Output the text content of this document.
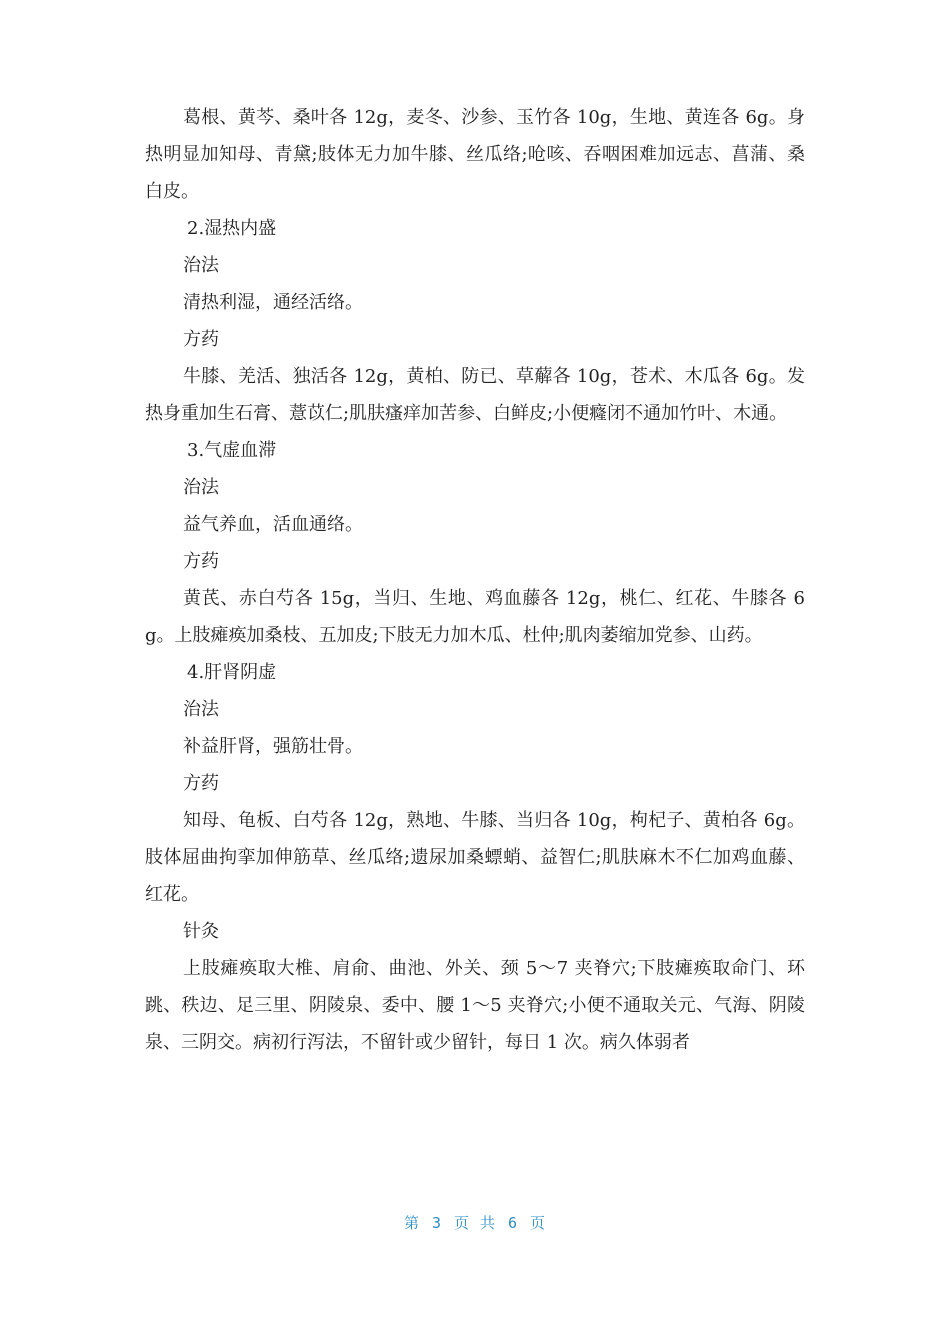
葛根、黄芩、桑叶各 12g，麦冬、沙参、玉竹各 10g，生地、黄连各 6g。身热明显加知母、青黛;肢体无力加牛膝、丝瓜络;呛咳、吞咽困难加远志、菖蒲、桑白皮。

2.湿热内盛

治法

清热利湿，通经活络。

方药

牛膝、羌活、独活各 12g，黄柏、防已、草薢各 10g，苍术、木瓜各 6g。发热身重加生石膏、薏苡仁;肌肤瘙痒加苦参、白鲜皮;小便癃闭不通加竹叶、木通。

3.气虚血滞

治法

益气养血，活血通络。

方药

黄芪、赤白芍各 15g，当归、生地、鸡血藤各 12g，桃仁、红花、牛膝各 6g。上肢瘫痪加桑枝、五加皮;下肢无力加木瓜、杜仲;肌肉萎缩加党参、山药。

4.肝肾阴虚

治法

补益肝肾，强筋壮骨。

方药

知母、龟板、白芍各 12g，熟地、牛膝、当归各 10g，枸杞子、黄柏各 6g。肢体屈曲拘挛加伸筋草、丝瓜络;遗尿加桑螵蛸、益智仁;肌肤麻木不仁加鸡血藤、红花。

针灸

上肢瘫痪取大椎、肩俞、曲池、外关、颈 5～7 夹脊穴;下肢瘫痪取命门、环跳、秩边、足三里、阴陵泉、委中、腰 1～5 夹脊穴;小便不通取关元、气海、阴陵泉、三阴交。病初行泻法，不留针或少留针，每日 1 次。病久体弱者

第 3 页 共 6 页
